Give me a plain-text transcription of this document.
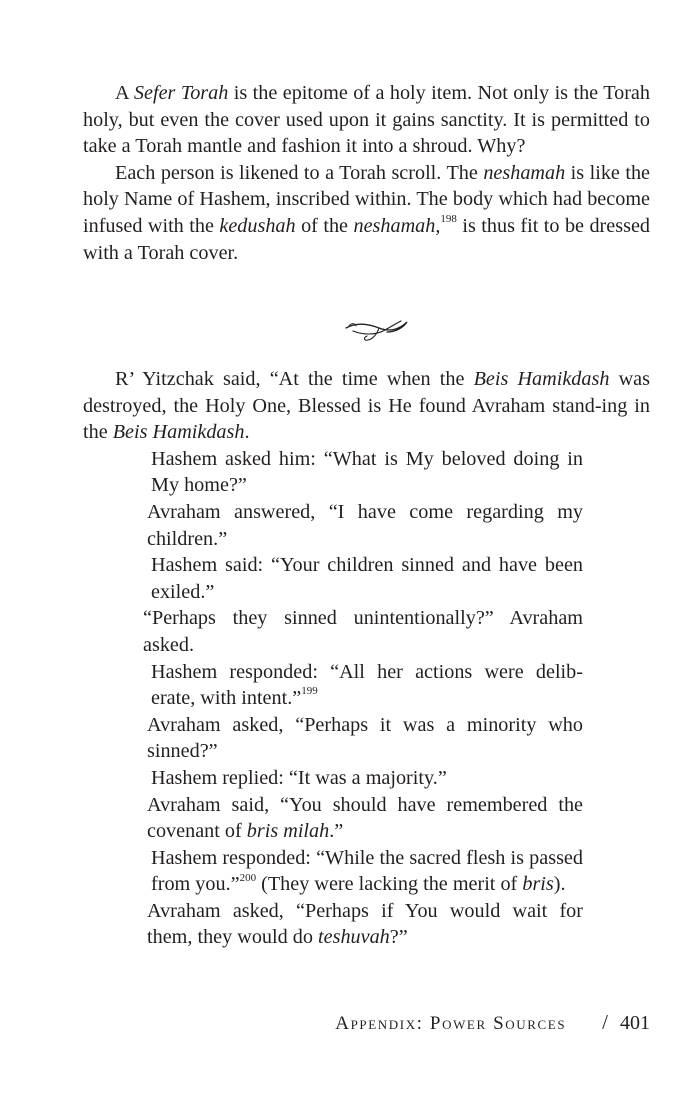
A Sefer Torah is the epitome of a holy item. Not only is the Torah holy, but even the cover used upon it gains sanctity. It is permitted to take a Torah mantle and fashion it into a shroud. Why?

Each person is likened to a Torah scroll. The neshamah is like the holy Name of Hashem, inscribed within. The body which had become infused with the kedushah of the neshamah,$^{198}$ is thus fit to be dressed with a Torah cover.

R’ Yitzchak said, “At the time when the Beis Hamikdash was destroyed, the Holy One, Blessed is He found Avraham stand-ing in the Beis Hamikdash.

Hashem asked him: “What is My beloved doing in My home?”

Avraham answered, “I have come regarding my children.”

Hashem said: “Your children sinned and have been exiled.”

“Perhaps they sinned unintentionally?” Avraham asked.

Hashem responded: “All her actions were delib-erate, with intent.”$^{199}$

Avraham asked, “Perhaps it was a minority who sinned?”

Hashem replied: “It was a majority.”

Avraham said, “You should have remembered the covenant of bris milah.”

Hashem responded: “While the sacred flesh is passed from you.”$^{200}$ (They were lacking the merit of bris).

Avraham asked, “Perhaps if You would wait for them, they would do teshuvah?”

Appendix: Power Sources / 401
